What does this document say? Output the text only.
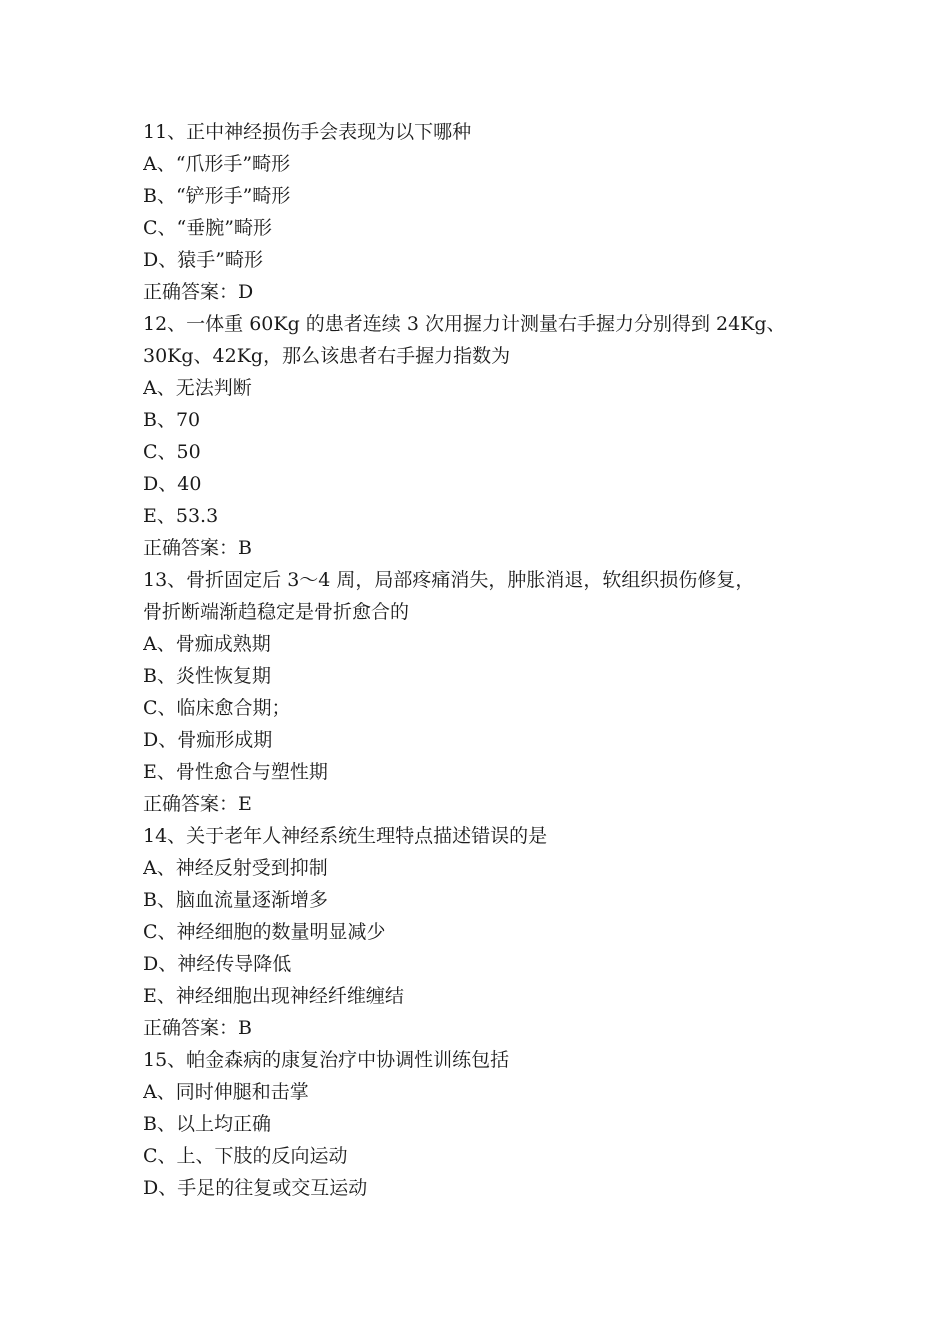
11、正中神经损伤手会表现为以下哪种
A、“爪形手”畸形
B、“铲形手”畸形
C、“垂腕”畸形
D、猿手”畸形
正确答案：D
12、一体重 60Kg 的患者连续 3 次用握力计测量右手握力分别得到 24Kg、
30Kg、42Kg，那么该患者右手握力指数为
A、无法判断
B、70
C、50
D、40
E、53.3
正确答案：B
13、骨折固定后 3～4 周，局部疼痛消失，肿胀消退，软组织损伤修复，
骨折断端渐趋稳定是骨折愈合的
A、骨痂成熟期
B、炎性恢复期
C、临床愈合期；
D、骨痂形成期
E、骨性愈合与塑性期
正确答案：E
14、关于老年人神经系统生理特点描述错误的是
A、神经反射受到抑制
B、脑血流量逐渐增多
C、神经细胞的数量明显减少
D、神经传导降低
E、神经细胞出现神经纤维缠结
正确答案：B
15、帕金森病的康复治疗中协调性训练包括
A、同时伸腿和击掌
B、以上均正确
C、上、下肢的反向运动
D、手足的往复或交互运动
